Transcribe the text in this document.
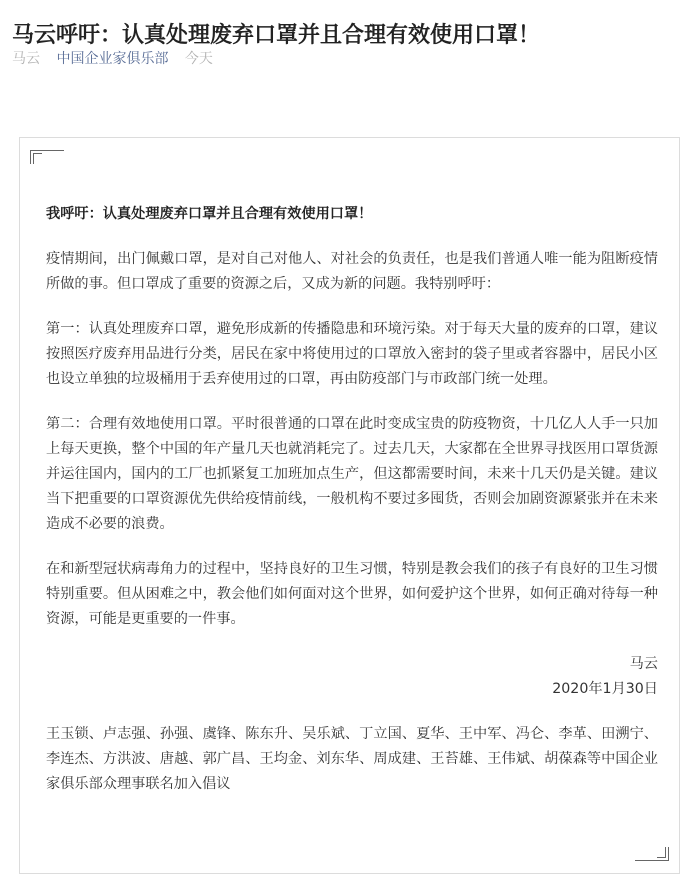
马云呼吁：认真处理废弃口罩并且合理有效使用口罩！
马云 中国企业家俱乐部 今天

我呼吁：认真处理废弃口罩并且合理有效使用口罩！

疫情期间，出门佩戴口罩，是对自己对他人、对社会的负责任，也是我们普通人唯一能为阻断疫情所做的事。但口罩成了重要的资源之后，又成为新的问题。我特别呼吁：

第一：认真处理废弃口罩，避免形成新的传播隐患和环境污染。对于每天大量的废弃的口罩，建议按照医疗废弃用品进行分类，居民在家中将使用过的口罩放入密封的袋子里或者容器中，居民小区也设立单独的垃圾桶用于丢弃使用过的口罩，再由防疫部门与市政部门统一处理。

第二：合理有效地使用口罩。平时很普通的口罩在此时变成宝贵的防疫物资，十几亿人人手一只加上每天更换，整个中国的年产量几天也就消耗完了。过去几天，大家都在全世界寻找医用口罩货源并运往国内，国内的工厂也抓紧复工加班加点生产，但这都需要时间，未来十几天仍是关键。建议当下把重要的口罩资源优先供给疫情前线，一般机构不要过多囤货，否则会加剧资源紧张并在未来造成不必要的浪费。

在和新型冠状病毒角力的过程中，坚持良好的卫生习惯，特别是教会我们的孩子有良好的卫生习惯特别重要。但从困难之中，教会他们如何面对这个世界，如何爱护这个世界，如何正确对待每一种资源，可能是更重要的一件事。

马云

2020年1月30日

王玉锁、卢志强、孙强、虞锋、陈东升、吴乐斌、丁立国、夏华、王中军、冯仑、李革、田溯宁、李连杰、方洪波、唐越、郭广昌、王均金、刘东华、周成建、王苔雄、王伟斌、胡葆森等中国企业家俱乐部众理事联名加入倡议
